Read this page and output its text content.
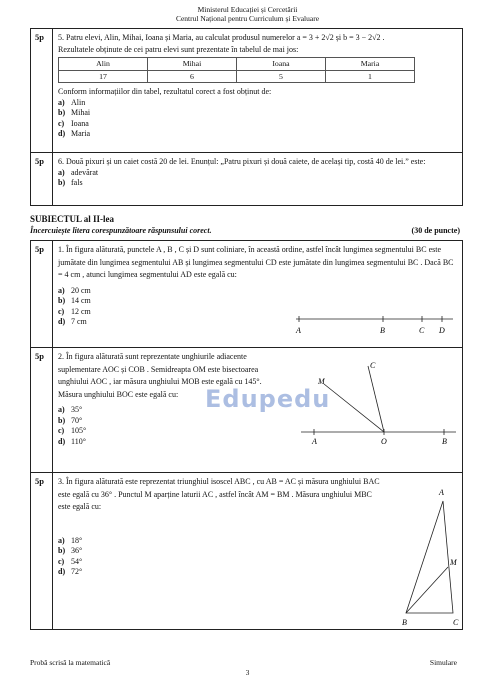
Ministerul Educației și Cercetării
Centrul Național pentru Curriculum și Evaluare
5p	5. Patru elevi, Alin, Mihai, Ioana și Maria, au calculat produsul numerelor a = 3 + 2√2 și b = 3 − 2√2 .
Rezultatele obținute de cei patru elevi sunt prezentate în tabelul de mai jos:
Alin	Mihai	Ioana	Maria
17	6	5	1
Conform informațiilor din tabel, rezultatul corect a fost obținut de:

a) Alin

b) Mihai

c) Ioana

d) Maria

5p	6. Două pixuri și un caiet costă 20 de lei. Enunțul: „Patru pixuri și două caiete, de același tip, costă 40 de lei.” este:

a) adevărat

b) fals

SUBIECTUL al II-lea
Încercuiește litera corespunzătoare răspunsului corect.	(30 de puncte)
5p	1. În figura alăturată, punctele A , B , C și D sunt coliniare, în această ordine, astfel încât lungimea segmentului BC este jumătate din lungimea segmentului AB și lungimea segmentului CD este jumătate din lungimea segmentului BC . Dacă BC = 4 cm , atunci lungimea segmentului AD este egală cu:

a) 20 cm

b) 14 cm

c) 12 cm

d) 7 cm

A	B	C D
5p	2. În figura alăturată sunt reprezentate unghiurile adiacente suplementare AOC și COB . Semidreapta OM este bisectoarea unghiului AOC , iar măsura unghiului MOB este egală cu 145°. Măsura unghiului BOC este egală cu:

a) 35°

b) 70°

c) 105°

d) 110°	A	O	B
C
M
Edupedu
5p	3. În figura alăturată este reprezentat triunghiul isoscel ABC , cu AB = AC și măsura unghiului BAC este egală cu 36° . Punctul M aparține laturii AC , astfel încât AM = BM . Măsura unghiului MBC este egală cu:

a) 18°

b) 36°

c) 54°

d) 72°

A
B	C
M
Probă scrisă la matematică	Simulare
3
